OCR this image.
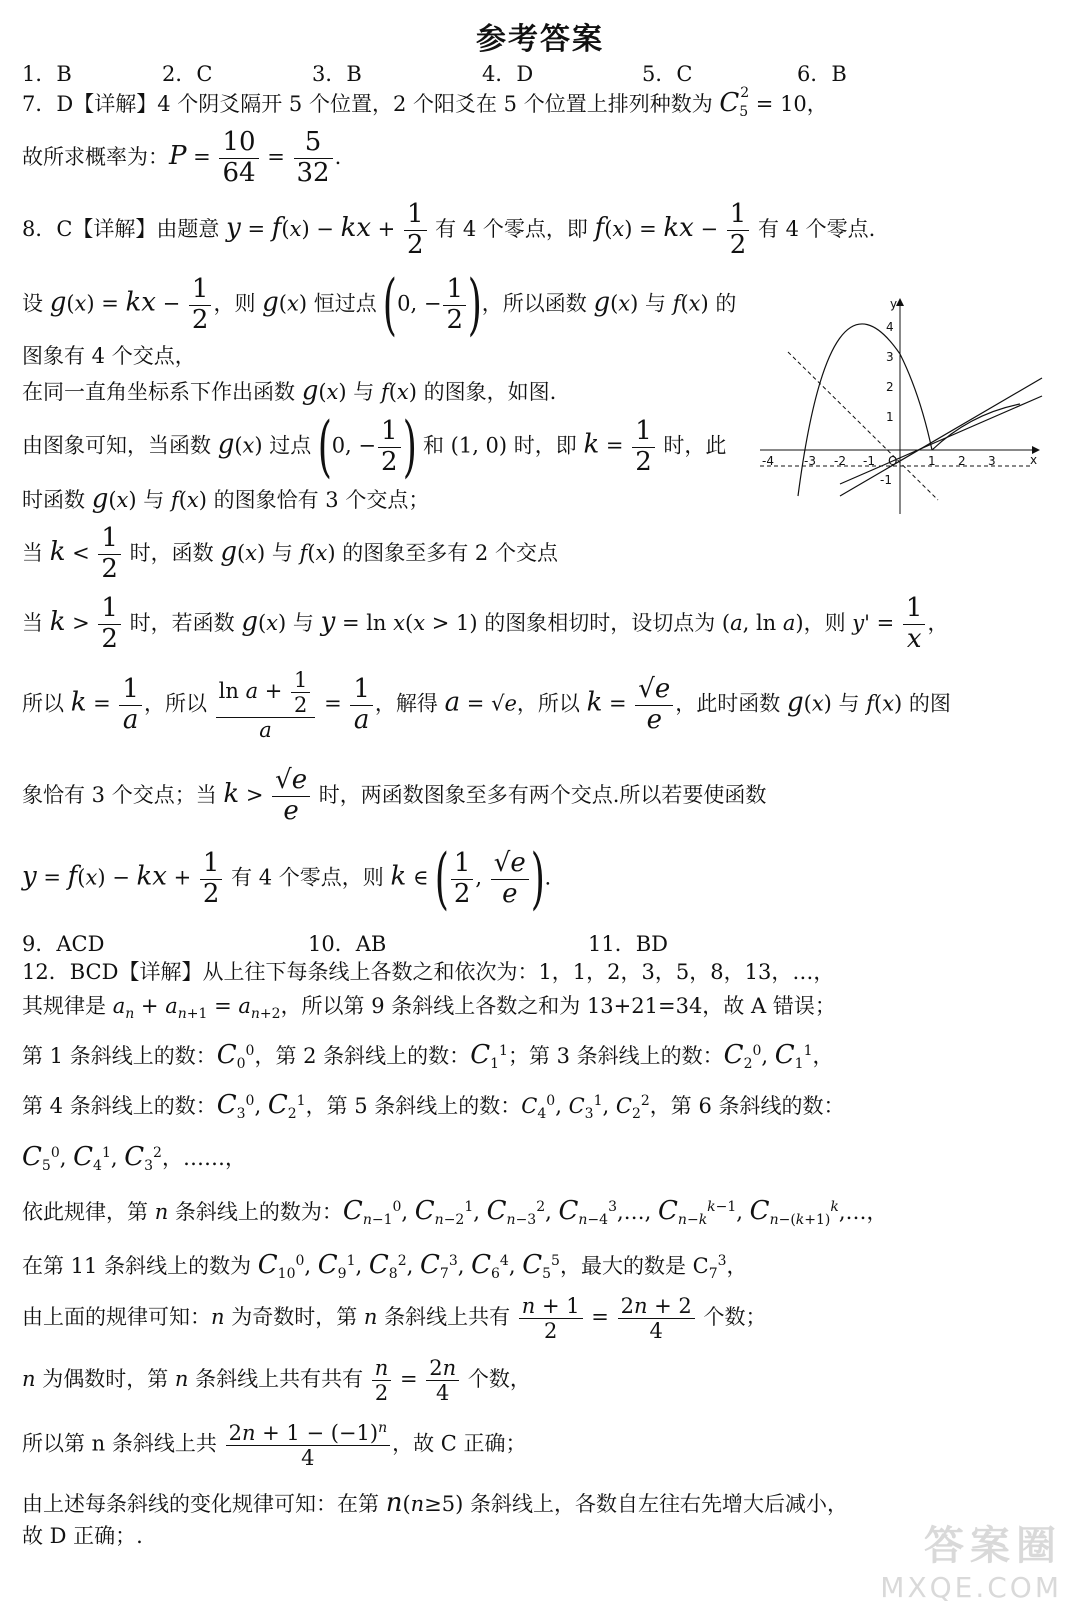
参考答案
1．B	2．C	3．B	4．D	5．C	6．B
7．D【详解】4 个阴爻隔开 5 个位置，2 个阳爻在 5 个位置上排列种数为 $C_5^2 = 10$，
故所求概率为：$P = \frac{10}{64} = \frac{5}{32}$ .
8．C【详解】由题意 y = f(x) − kx + $\frac{1}{2}$ 有 4 个零点，即 f(x) = kx − $\frac{1}{2}$ 有 4 个零点.
设 g(x) = kx − $\frac{1}{2}$ ，则 g(x) 恒过点 (0, − $\frac{1}{2}$ )，所以函数 g(x) 与 f(x) 的
图象有 4 个交点，
在同一直角坐标系下作出函数 g(x) 与 f(x) 的图象，如图.
由图象可知，当函数 g(x) 过点 (0, − $\frac{1}{2}$ ) 和 (1, 0) 时，即 $k = \frac{1}{2}$ 时，此
时函数 g(x) 与 f(x) 的图象恰有 3 个交点；
当 $k < \frac{1}{2}$ 时，函数 g(x) 与 f(x) 的图象至多有 2 个交点
当 $k > \frac{1}{2}$ 时，若函数 g(x) 与 y = ln x(x > 1) 的图象相切时，设切点为 (a, ln a)，则 $y' = \frac{1}{x}$ ，
所以 $k = \frac{1}{a}$ ，所以 $\frac{\ln a + \frac{1}{2}}{a} = \frac{1}{a}$ ，解得 a = √e，所以 $k = \frac{√e}{e}$ ，此时函数 g(x) 与 f(x) 的图
象恰有 3 个交点；当 $k > \frac{√e}{e}$ 时，两函数图象至多有两个交点.所以若要使函数
y = f(x) − kx + $\frac{1}{2}$ 有 4 个零点，则 k ∈ ( $\frac{1}{2}$ , $\frac{√e}{e}$ ).
-4	-3 -2 -1 O	1 2 3	x
4
3
2
1
-1
y
9．ACD	10．AB	11．BD
12．BCD【详解】从上往下每条线上各数之和依次为：1，1，2，3，5，8，13，…，
其规律是 $a_n + a_{n+1} = a_{n+2}$，所以第 9 条斜线上各数之和为 13+21=34，故 A 错误；
第 1 条斜线上的数：$C_0^0$，第 2 条斜线上的数：$C_1^1$；第 3 条斜线上的数：$C_2^0$, $C_1^1$，
第 4 条斜线上的数：$C_3^0$, $C_2^1$，第 5 条斜线上的数：$C_4^0$, $C_3^1$, $C_2^2$，第 6 条斜线的数：
$C_5^0$, $C_4^1$, $C_3^2$，……，
依此规律，第 n 条斜线上的数为：$C_{n-1}^0$, $C_{n-2}^1$, $C_{n-3}^2$, $C_{n-4}^3,\dots$, $C_{n-k}^{k-1}$, $C_{n-(k+1)}^k,\dots$，
在第 11 条斜线上的数为 $C_{10}^0$, $C_9^1$, $C_8^2$, $C_7^3$, $C_6^4$, $C_5^5$，最大的数是 $C_7^3$，
由上面的规律可知：n 为奇数时，第 n 条斜线上共有 $\frac{n + 1}{2} = \frac{2n + 2}{4}$ 个数；
n 为偶数时，第 n 条斜线上共有共有 $\frac{n}{2} = \frac{2n}{4}$ 个数，
所以第 n 条斜线上共 $\frac{2n + 1 - (-1)^n}{4}$ ，故 C 正确；
由上述每条斜线的变化规律可知：在第 n(n≥5) 条斜线上，各数自左往右先增大后减小，
故 D 正确；.	答案圈
MXQE.COM
